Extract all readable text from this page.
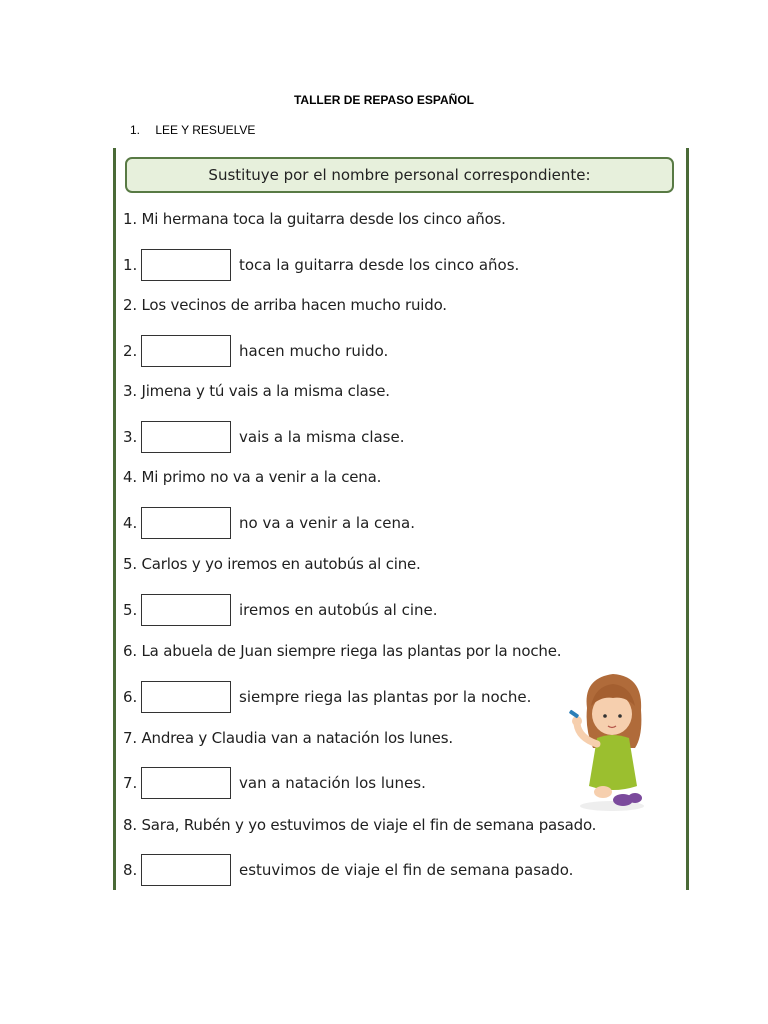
TALLER DE REPASO ESPAÑOL
1. LEE Y RESUELVE
Sustituye por el nombre personal correspondiente:
1. Mi hermana toca la guitarra desde los cinco años.
1.	toca la guitarra desde los cinco años.
2. Los vecinos de arriba hacen mucho ruido.
2.	hacen mucho ruido.
3. Jimena y tú vais a la misma clase.
3.	vais a la misma clase.
4. Mi primo no va a venir a la cena.
4.	no va a venir a la cena.
5. Carlos y yo iremos en autobús al cine.
5.	iremos en autobús al cine.
6. La abuela de Juan siempre riega las plantas por la noche.
6.	siempre riega las plantas por la noche.
7. Andrea y Claudia van a natación los lunes.
7.	van a natación los lunes.
8. Sara, Rubén y yo estuvimos de viaje el fin de semana pasado.
8.	estuvimos de viaje el fin de semana pasado.
